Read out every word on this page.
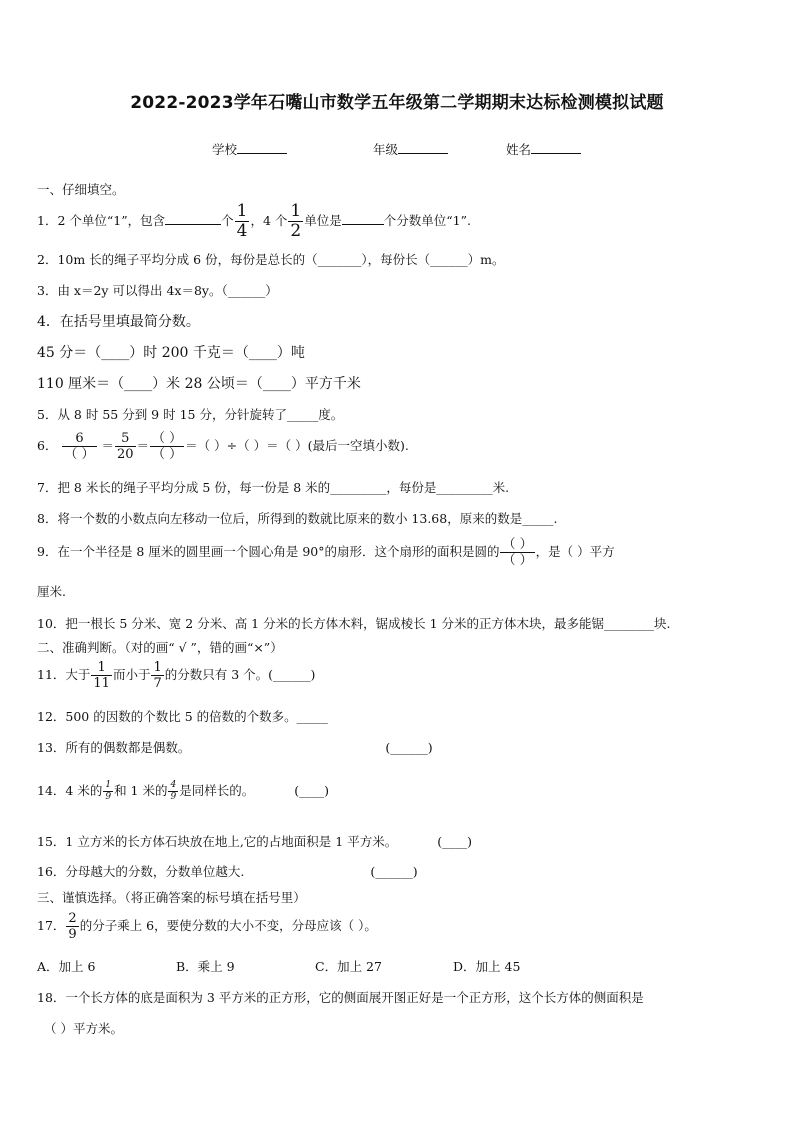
2022-2023学年石嘴山市数学五年级第二学期期末达标检测模拟试题
学校	年级	姓名
一、仔细填空。
1．2 个单位“1”，包含	个 $\frac{1}{4}$ ，4 个 $\frac{1}{2}$ 单位是	个分数单位“1”.
2．10m 长的绳子平均分成 6 份，每份是总长的（_______），每份长（______）m。
3．由 x＝2y 可以得出 4x＝8y。（______）
4．在括号里填最简分数。
45 分＝（____）时 200 千克＝（____）吨
110 厘米＝（____）米 28 公顷＝（____）平方千米
5．从 8 时 55 分到 9 时 15 分，分针旋转了_____度。
6． $\frac{6}{( )} = \frac{5}{20} = \frac{( )}{( )}$ ＝（ ）÷（ ）＝（ ）(最后一空填小数).
7．把 8 米长的绳子平均分成 5 份，每一份是 8 米的_________，每份是_________米.
8．将一个数的小数点向左移动一位后，所得到的数就比原来的数小 13.68，原来的数是_____.
9．在一个半径是 8 厘米的圆里画一个圆心角是 90°的扇形．这个扇形的面积是圆的 $\frac{( )}{( )}$ ，是（ ）平方
厘米.
10．把一根长 5 分米、宽 2 分米、高 1 分米的长方体木料，锯成棱长 1 分米的正方体木块，最多能锯________块.
二、准确判断。（对的画“ √ ”，错的画“×”）
11．大于 $\frac{1}{11}$ 而小于 $\frac{1}{7}$ 的分数只有 3 个。(______)
12．500 的因数的个数比 5 的倍数的个数多。_____
13．所有的偶数都是偶数。	(______)
14．4 米的 $\frac{1}{9}$ 和 1 米的 $\frac{4}{9}$ 是同样长的。	(____)
15．1 立方米的长方体石块放在地上,它的占地面积是 1 平方米。	(____)
16．分母越大的分数，分数单位越大.	(______)
三、谨慎选择。（将正确答案的标号填在括号里）
17． $\frac{2}{9}$ 的分子乘上 6，要使分数的大小不变，分母应该（ ）。
A．加上 6	B．乘上 9	C．加上 27	D．加上 45
18．一个长方体的底是面积为 3 平方米的正方形，它的侧面展开图正好是一个正方形，这个长方体的侧面积是
（ ）平方米。
